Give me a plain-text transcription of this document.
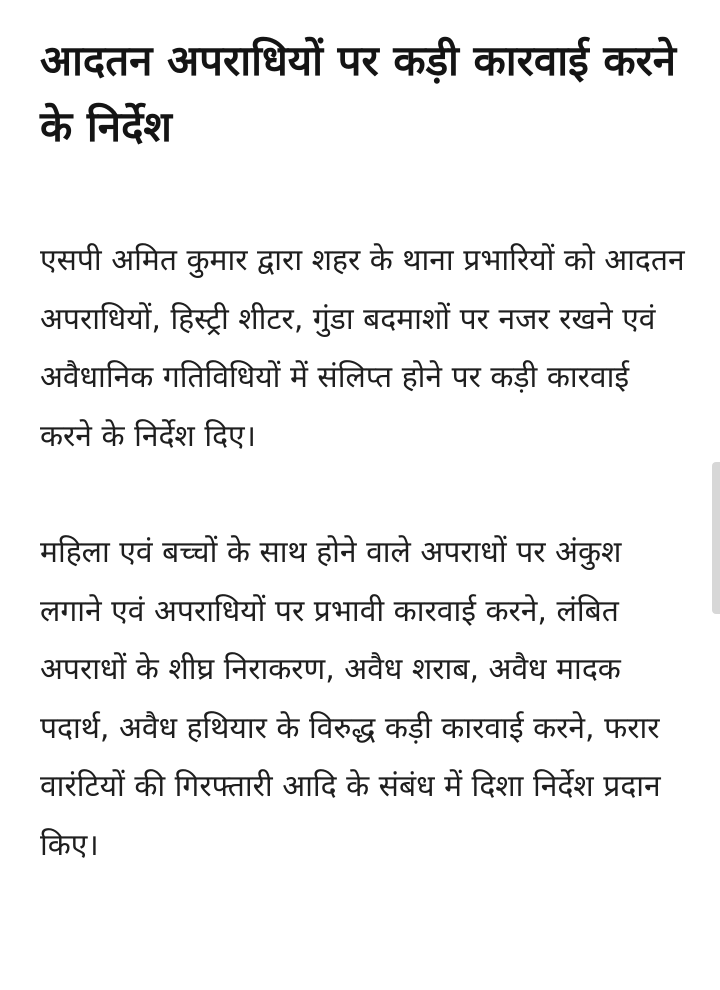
आदतन अपराधियों पर कड़ी कारवाई करने के निर्देश

एसपी अमित कुमार द्वारा शहर के थाना प्रभारियों को आदतन अपराधियों, हिस्ट्री शीटर, गुंडा बदमाशों पर नजर रखने एवं अवैधानिक गतिविधियों में संलिप्त होने पर कड़ी कारवाई करने के निर्देश दिए।

महिला एवं बच्चों के साथ होने वाले अपराधों पर अंकुश लगाने एवं अपराधियों पर प्रभावी कारवाई करने, लंबित अपराधों के शीघ्र निराकरण, अवैध शराब, अवैध मादक पदार्थ, अवैध हथियार के विरुद्ध कड़ी कारवाई करने, फरार वारंटियों की गिरफ्तारी आदि के संबंध में दिशा निर्देश प्रदान किए।
